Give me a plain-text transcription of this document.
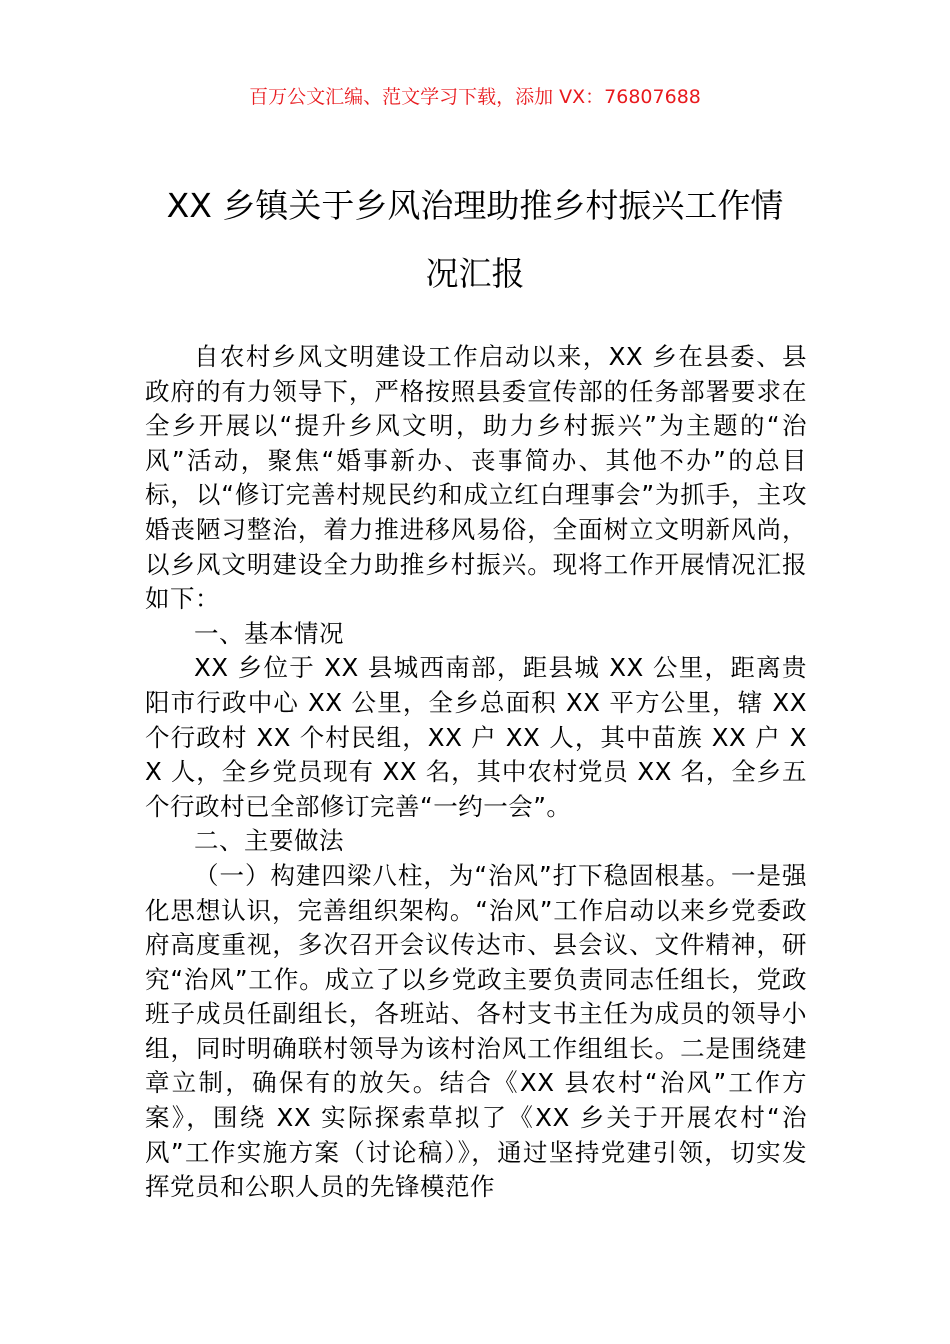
百万公文汇编、范文学习下载，添加 VX：76807688
XX 乡镇关于乡风治理助推乡村振兴工作情
况汇报

自农村乡风文明建设工作启动以来，XX 乡在县委、县政府的有力领导下，严格按照县委宣传部的任务部署要求在全乡开展以“提升乡风文明，助力乡村振兴”为主题的“治风”活动，聚焦“婚事新办、丧事简办、其他不办”的总目标，以“修订完善村规民约和成立红白理事会”为抓手，主攻婚丧陋习整治，着力推进移风易俗，全面树立文明新风尚，以乡风文明建设全力助推乡村振兴。现将工作开展情况汇报如下：

一、基本情况

XX 乡位于 XX 县城西南部，距县城 XX 公里，距离贵阳市行政中心 XX 公里，全乡总面积 XX 平方公里，辖 XX 个行政村 XX 个村民组，XX 户 XX 人，其中苗族 XX 户 XX 人，全乡党员现有 XX 名，其中农村党员 XX 名，全乡五个行政村已全部修订完善“一约一会”。

二、主要做法

（一）构建四梁八柱，为“治风”打下稳固根基。一是强化思想认识，完善组织架构。“治风”工作启动以来乡党委政府高度重视，多次召开会议传达市、县会议、文件精神，研究“治风”工作。成立了以乡党政主要负责同志任组长，党政班子成员任副组长，各班站、各村支书主任为成员的领导小组，同时明确联村领导为该村治风工作组组长。二是围绕建章立制，确保有的放矢。结合《XX 县农村“治风”工作方案》，围绕 XX 实际探索草拟了《XX 乡关于开展农村“治风”工作实施方案（讨论稿）》，通过坚持党建引领，切实发挥党员和公职人员的先锋模范作
